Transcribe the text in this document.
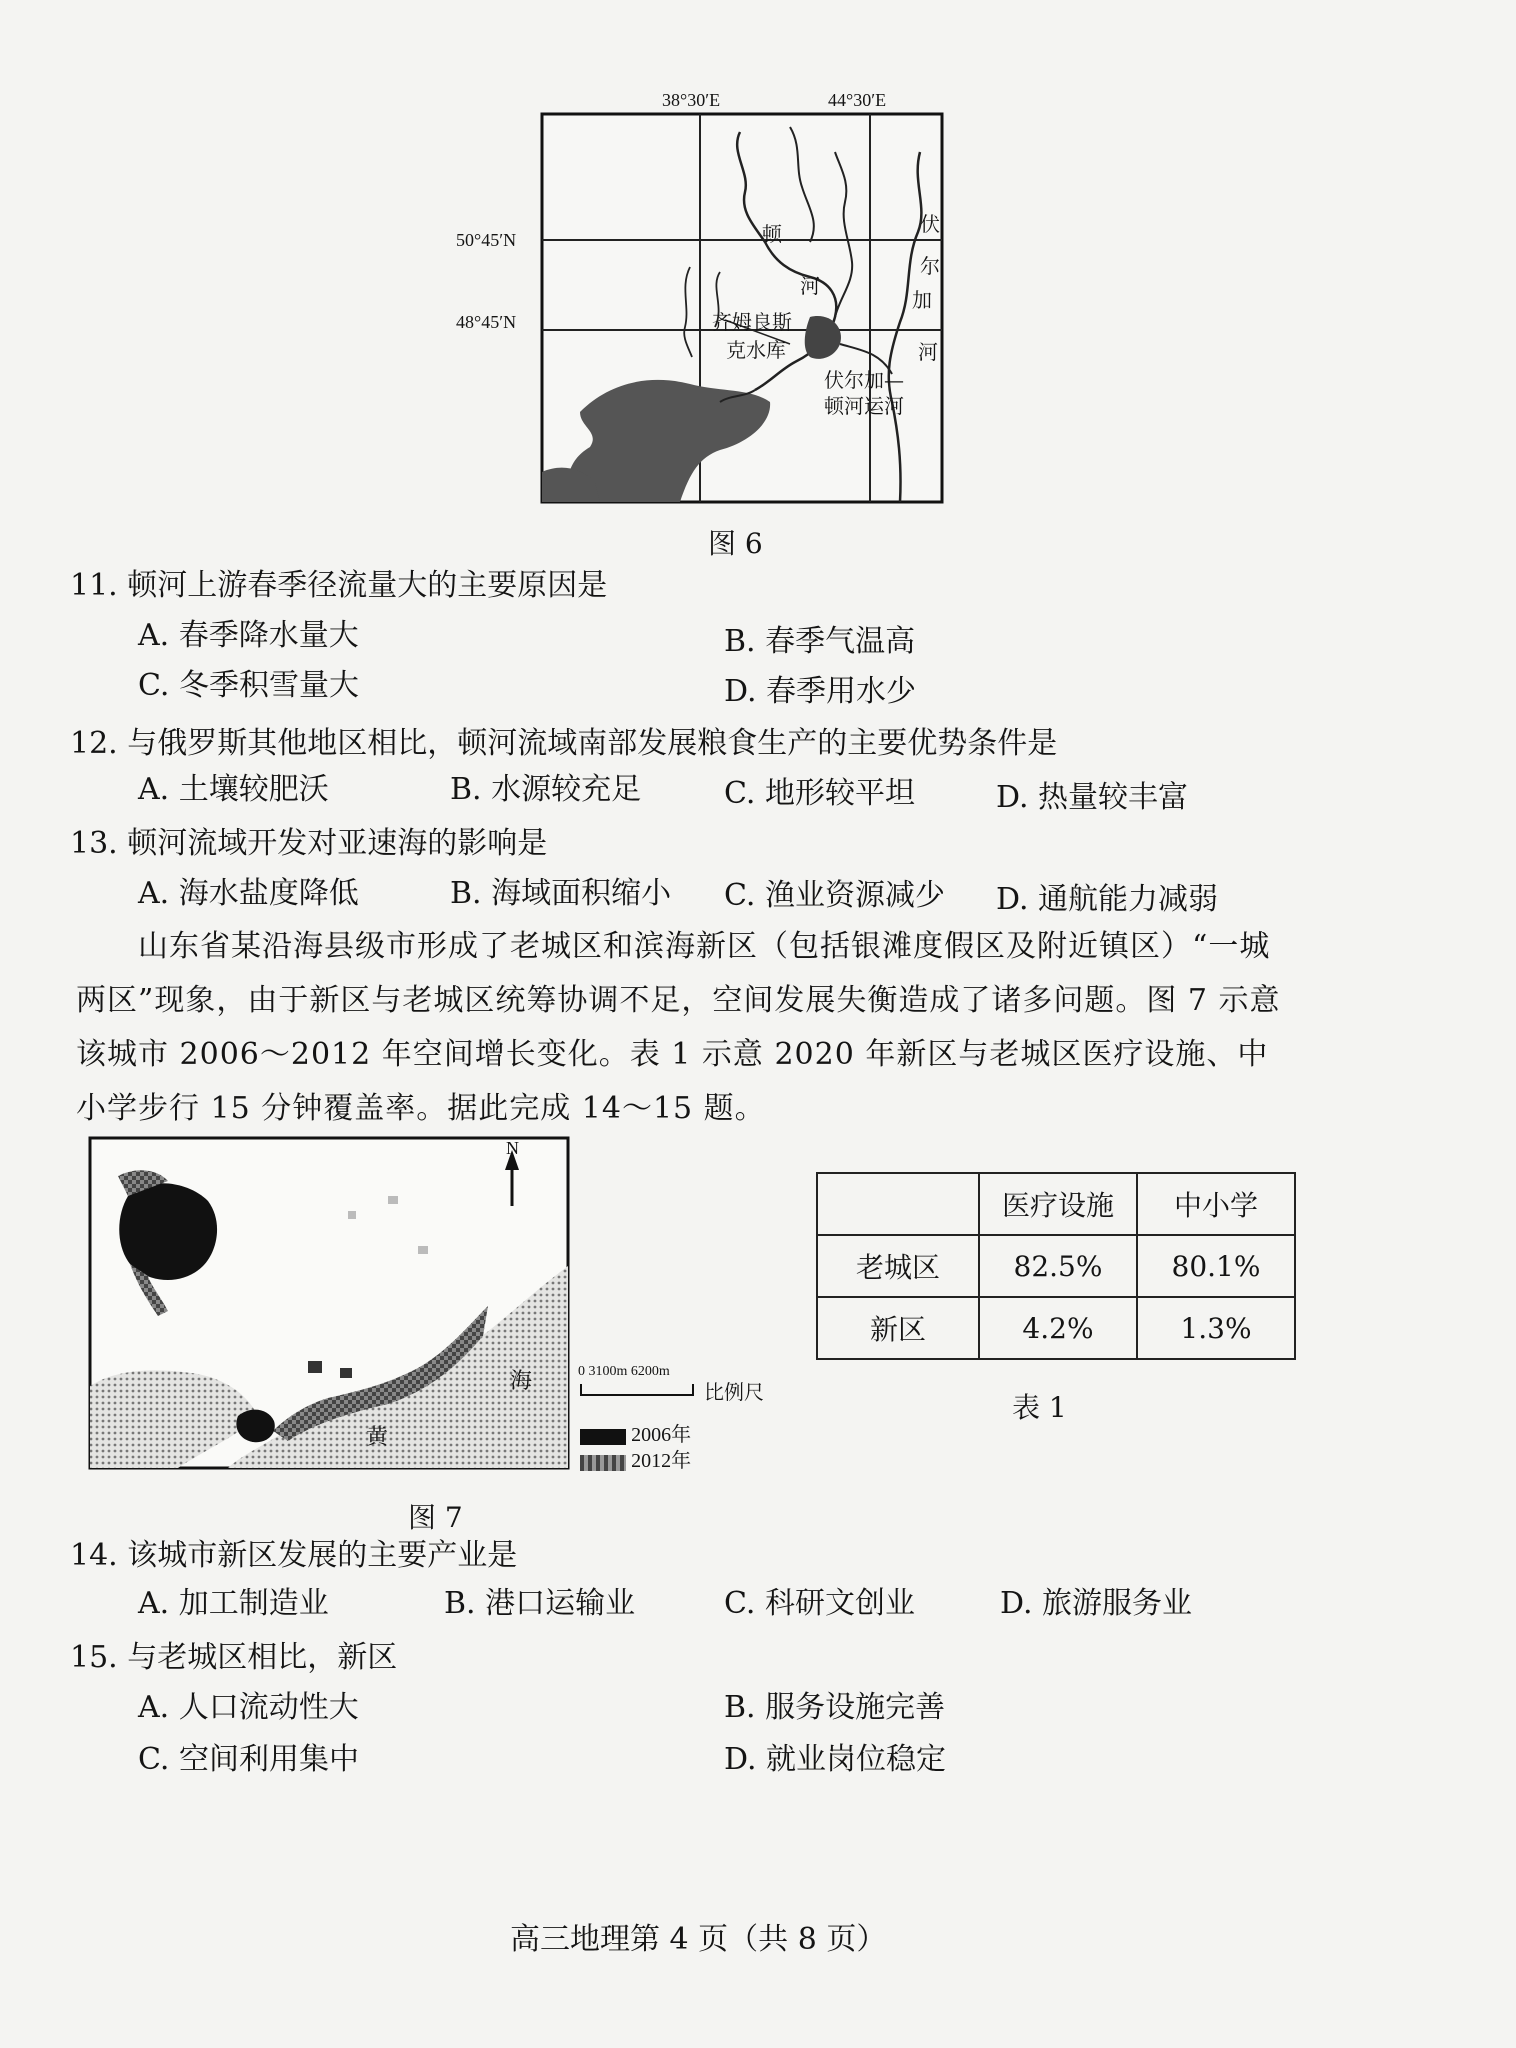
38°30′E	44°30′E
50°45′N
48°45′N
顿
河
伏
尔
加
河
齐姆良斯
克水库
伏尔加—
顿河运河
图 6
11. 顿河上游春季径流量大的主要原因是
A. 春季降水量大	B. 春季气温高
C. 冬季积雪量大	D. 春季用水少
12. 与俄罗斯其他地区相比，顿河流域南部发展粮食生产的主要优势条件是
A. 土壤较肥沃	B. 水源较充足	C. 地形较平坦	D. 热量较丰富
13. 顿河流域开发对亚速海的影响是
A. 海水盐度降低	B. 海域面积缩小 C. 渔业资源减少 D. 通航能力减弱
　　山东省某沿海县级市形成了老城区和滨海新区（包括银滩度假区及附近镇区）“一城两区”现象，由于新区与老城区统筹协调不足，空间发展失衡造成了诸多问题。图 7 示意该城市 2006～2012 年空间增长变化。表 1 示意 2020 年新区与老城区医疗设施、中小学步行 15 分钟覆盖率。据此完成 14～15 题。
N
0 3100m 6200m
比例尺
2006年
2012年
海
黄
图 7
	医疗设施	中小学
老城区	82.5%	80.1%
新区	4.2%	1.3%
表 1
14. 该城市新区发展的主要产业是
A. 加工制造业	B. 港口运输业	C. 科研文创业	D. 旅游服务业
15. 与老城区相比，新区
A. 人口流动性大	B. 服务设施完善
C. 空间利用集中	D. 就业岗位稳定
高三地理第 4 页（共 8 页）
